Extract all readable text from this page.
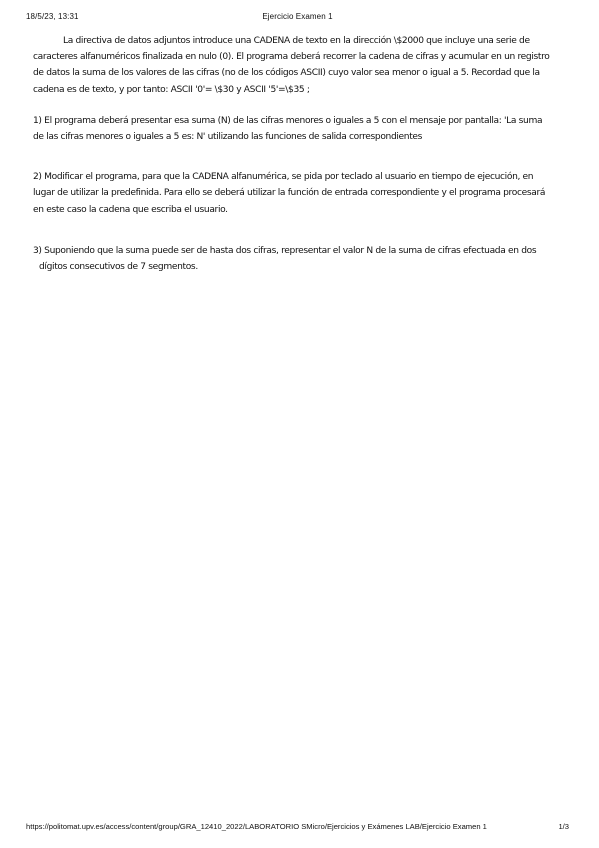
18/5/23, 13:31	Ejercicio Examen 1

La directiva de datos adjuntos introduce una CADENA de texto en la dirección \$2000 que incluye una serie de caracteres alfanuméricos finalizada en nulo (0). El programa deberá recorrer la cadena de cifras y acumular en un registro de datos la suma de los valores de las cifras (no de los códigos ASCII) cuyo valor sea menor o igual a 5. Recordad que la cadena es de texto, y por tanto: ASCII '0'= \$30 y ASCII '5'=\$35 ;

1) El programa deberá presentar esa suma (N) de las cifras menores o iguales a 5 con el mensaje por pantalla: 'La suma de las cifras menores o iguales a 5 es: N' utilizando las funciones de salida correspondientes

2) Modificar el programa, para que la CADENA alfanumérica, se pida por teclado al usuario en tiempo de ejecución, en lugar de utilizar la predefinida. Para ello se deberá utilizar la función de entrada correspondiente y el programa procesará en este caso la cadena que escriba el usuario.

3) Suponiendo que la suma puede ser de hasta dos cifras, representar el valor N de la suma de cifras efectuada en dos

dígitos consecutivos de 7 segmentos.

https://politomat.upv.es/access/content/group/GRA_12410_2022/LABORATORIO SMicro/Ejercicios y Exámenes LAB/Ejercicio Examen 1	1/3
